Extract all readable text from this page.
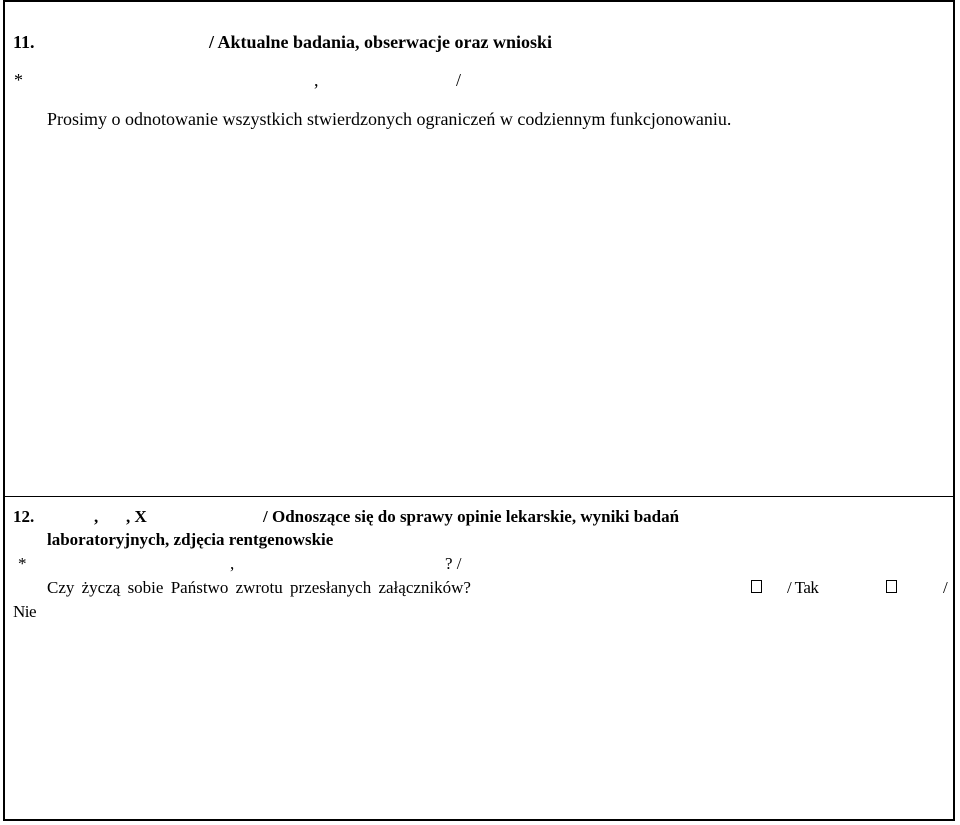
11.	/ Aktualne badania, obserwacje oraz wnioski
*	,	/
Prosimy o odnotowanie wszystkich stwierdzonych ograniczeń w codziennym funkcjonowaniu.
12.	, , X	/ Odnoszące się do sprawy opinie lekarskie, wyniki badań
laboratoryjnych, zdjęcia rentgenowskie
*	,	? /
Czy życzą sobie Państwo zwrotu przesłanych załączników?	/ Tak	/
Nie
